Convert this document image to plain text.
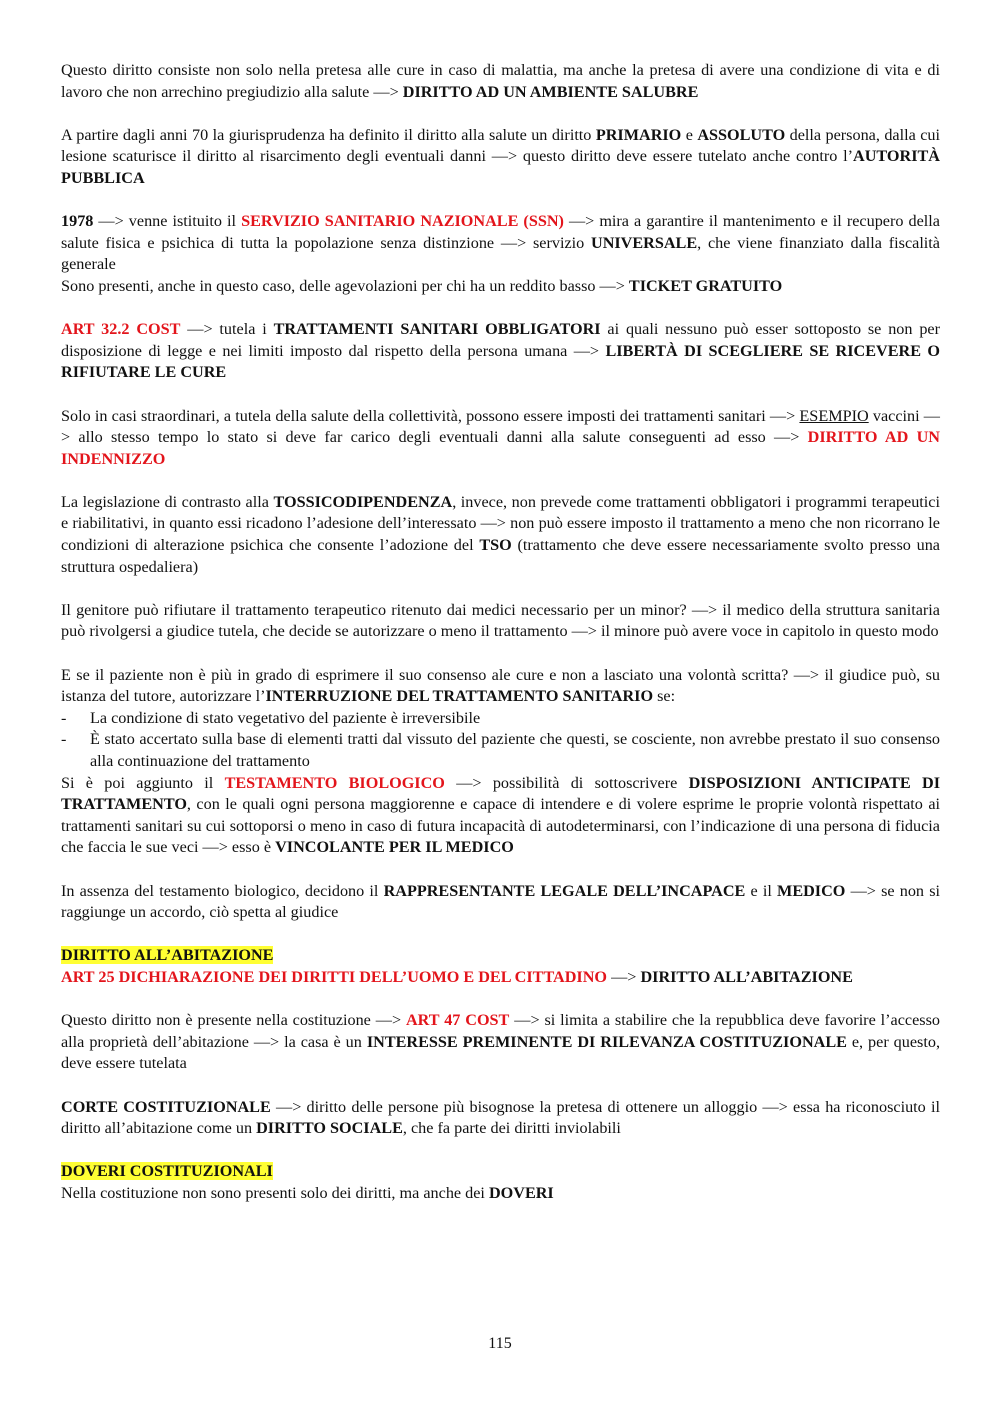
Questo diritto consiste non solo nella pretesa alle cure in caso di malattia, ma anche la pretesa di avere una condizione di vita e di lavoro che non arrechino pregiudizio alla salute —> DIRITTO AD UN AMBIENTE SALUBRE

A partire dagli anni 70 la giurisprudenza ha definito il diritto alla salute un diritto PRIMARIO e ASSOLUTO della persona, dalla cui lesione scaturisce il diritto al risarcimento degli eventuali danni —> questo diritto deve essere tutelato anche contro l’AUTORITÀ PUBBLICA

1978 —> venne istituito il SERVIZIO SANITARIO NAZIONALE (SSN) —> mira a garantire il mantenimento e il recupero della salute fisica e psichica di tutta la popolazione senza distinzione —> servizio UNIVERSALE, che viene finanziato dalla fiscalità generale
Sono presenti, anche in questo caso, delle agevolazioni per chi ha un reddito basso —> TICKET GRATUITO

ART 32.2 COST —> tutela i TRATTAMENTI SANITARI OBBLIGATORI ai quali nessuno può esser sottoposto se non per disposizione di legge e nei limiti imposto dal rispetto della persona umana —> LIBERTÀ DI SCEGLIERE SE RICEVERE O RIFIUTARE LE CURE

Solo in casi straordinari, a tutela della salute della collettività, possono essere imposti dei trattamenti sanitari —> ESEMPIO vaccini —> allo stesso tempo lo stato si deve far carico degli eventuali danni alla salute conseguenti ad esso —> DIRITTO AD UN INDENNIZZO

La legislazione di contrasto alla TOSSICODIPENDENZA, invece, non prevede come trattamenti obbligatori i programmi terapeutici e riabilitativi, in quanto essi ricadono l’adesione dell’interessato —> non può essere imposto il trattamento a meno che non ricorrano le condizioni di alterazione psichica che consente l’adozione del TSO (trattamento che deve essere necessariamente svolto presso una struttura ospedaliera)

Il genitore può rifiutare il trattamento terapeutico ritenuto dai medici necessario per un minor? —> il medico della struttura sanitaria può rivolgersi a giudice tutela, che decide se autorizzare o meno il trattamento —> il minore può avere voce in capitolo in questo modo

E se il paziente non è più in grado di esprimere il suo consenso ale cure e non a lasciato una volontà scritta? —> il giudice può, su istanza del tutore, autorizzare l’INTERRUZIONE DEL TRATTAMENTO SANITARIO se:

- La condizione di stato vegetativo del paziente è irreversibile
- È stato accertato sulla base di elementi tratti dal vissuto del paziente che questi, se cosciente, non avrebbe prestato il suo consenso alla continuazione del trattamento

Si è poi aggiunto il TESTAMENTO BIOLOGICO —> possibilità di sottoscrivere DISPOSIZIONI ANTICIPATE DI TRATTAMENTO, con le quali ogni persona maggiorenne e capace di intendere e di volere esprime le proprie volontà rispettato ai trattamenti sanitari su cui sottoporsi o meno in caso di futura incapacità di autodeterminarsi, con l’indicazione di una persona di fiducia che faccia le sue veci —> esso è VINCOLANTE PER IL MEDICO

In assenza del testamento biologico, decidono il RAPPRESENTANTE LEGALE DELL’INCAPACE e il MEDICO —> se non si raggiunge un accordo, ciò spetta al giudice

DIRITTO ALL’ABITAZIONE
ART 25 DICHIARAZIONE DEI DIRITTI DELL’UOMO E DEL CITTADINO —> DIRITTO ALL’ABITAZIONE

Questo diritto non è presente nella costituzione —> ART 47 COST —> si limita a stabilire che la repubblica deve favorire l’accesso alla proprietà dell’abitazione —> la casa è un INTERESSE PREMINENTE DI RILEVANZA COSTITUZIONALE e, per questo, deve essere tutelata

CORTE COSTITUZIONALE —> diritto delle persone più bisognose la pretesa di ottenere un alloggio —> essa ha riconosciuto il diritto all’abitazione come un DIRITTO SOCIALE, che fa parte dei diritti inviolabili

DOVERI COSTITUZIONALI
Nella costituzione non sono presenti solo dei diritti, ma anche dei DOVERI

115
